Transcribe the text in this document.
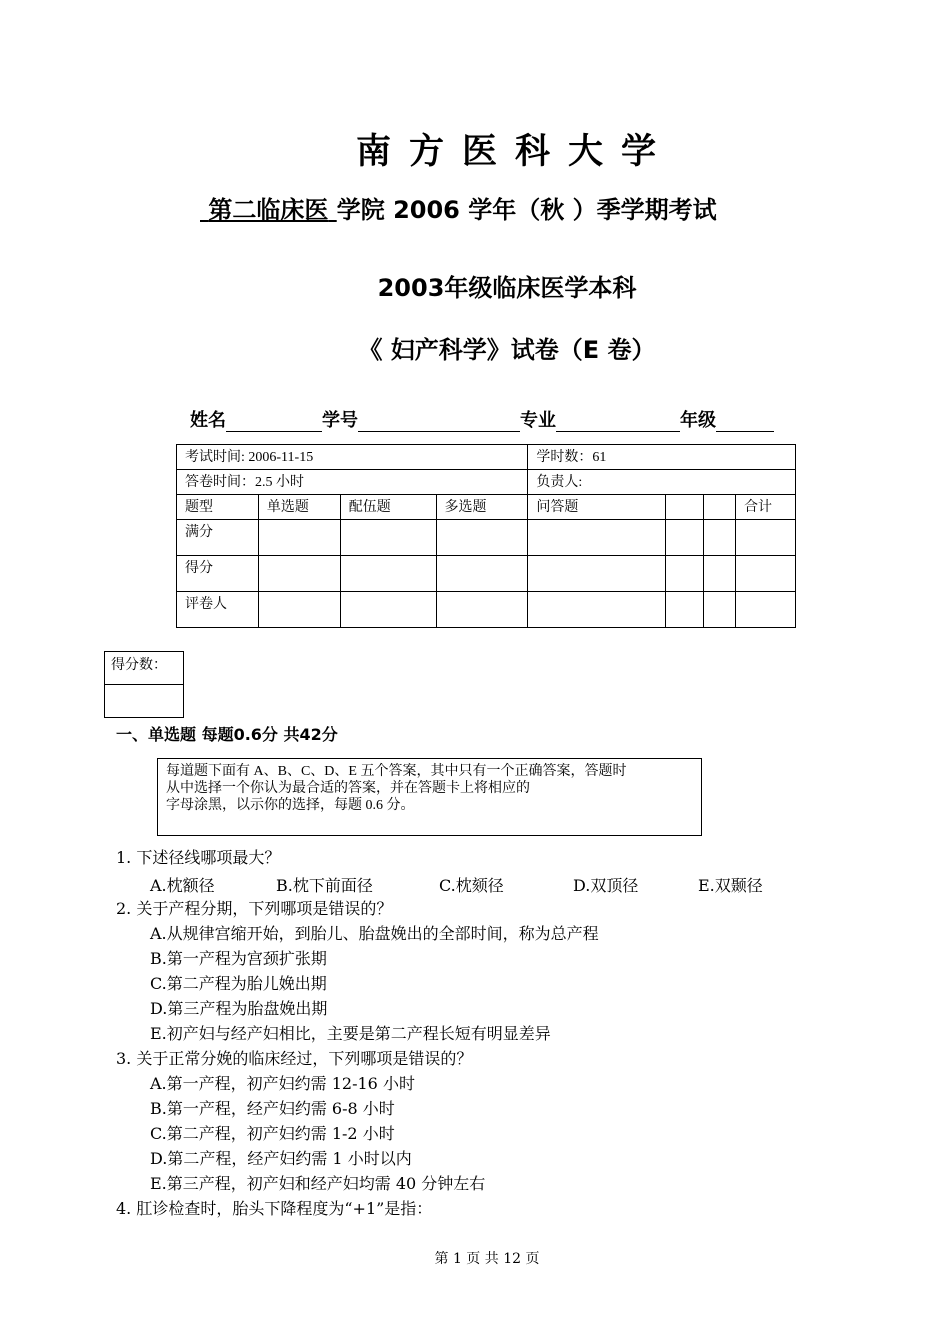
南方医科大学
第二临床医 学院 2006 学年（秋 ）季学期考试
2003年级临床医学本科
《 妇产科学》试卷（E 卷）
姓名	学号	专业	年级
考试时间: 2006-11-15				学时数：61			
答卷时间：2.5 小时				负责人:			
题型	单选题	配伍题	多选题	问答题			合计
满分							
得分							
评卷人							
得分数：

一、单选题 每题0.6分 共42分
每道题下面有 A、B、C、D、E 五个答案，其中只有一个正确答案，答题时
从中选择一个你认为最合适的答案，并在答题卡上将相应的
字母涂黑，以示你的选择，每题 0.6 分。
1. 下述径线哪项最大？
A.枕额径	B.枕下前面径	C.枕颏径	D.双顶径	E.双颞径
2. 关于产程分期，下列哪项是错误的？
A.从规律宫缩开始，到胎儿、胎盘娩出的全部时间，称为总产程
B.第一产程为宫颈扩张期
C.第二产程为胎儿娩出期
D.第三产程为胎盘娩出期
E.初产妇与经产妇相比，主要是第二产程长短有明显差异
3. 关于正常分娩的临床经过，下列哪项是错误的？
A.第一产程，初产妇约需 12-16 小时
B.第一产程，经产妇约需 6-8 小时
C.第二产程，初产妇约需 1-2 小时
D.第二产程，经产妇约需 1 小时以内
E.第三产程，初产妇和经产妇均需 40 分钟左右
4. 肛诊检查时，胎头下降程度为“+1”是指：
第 1 页 共 12 页
